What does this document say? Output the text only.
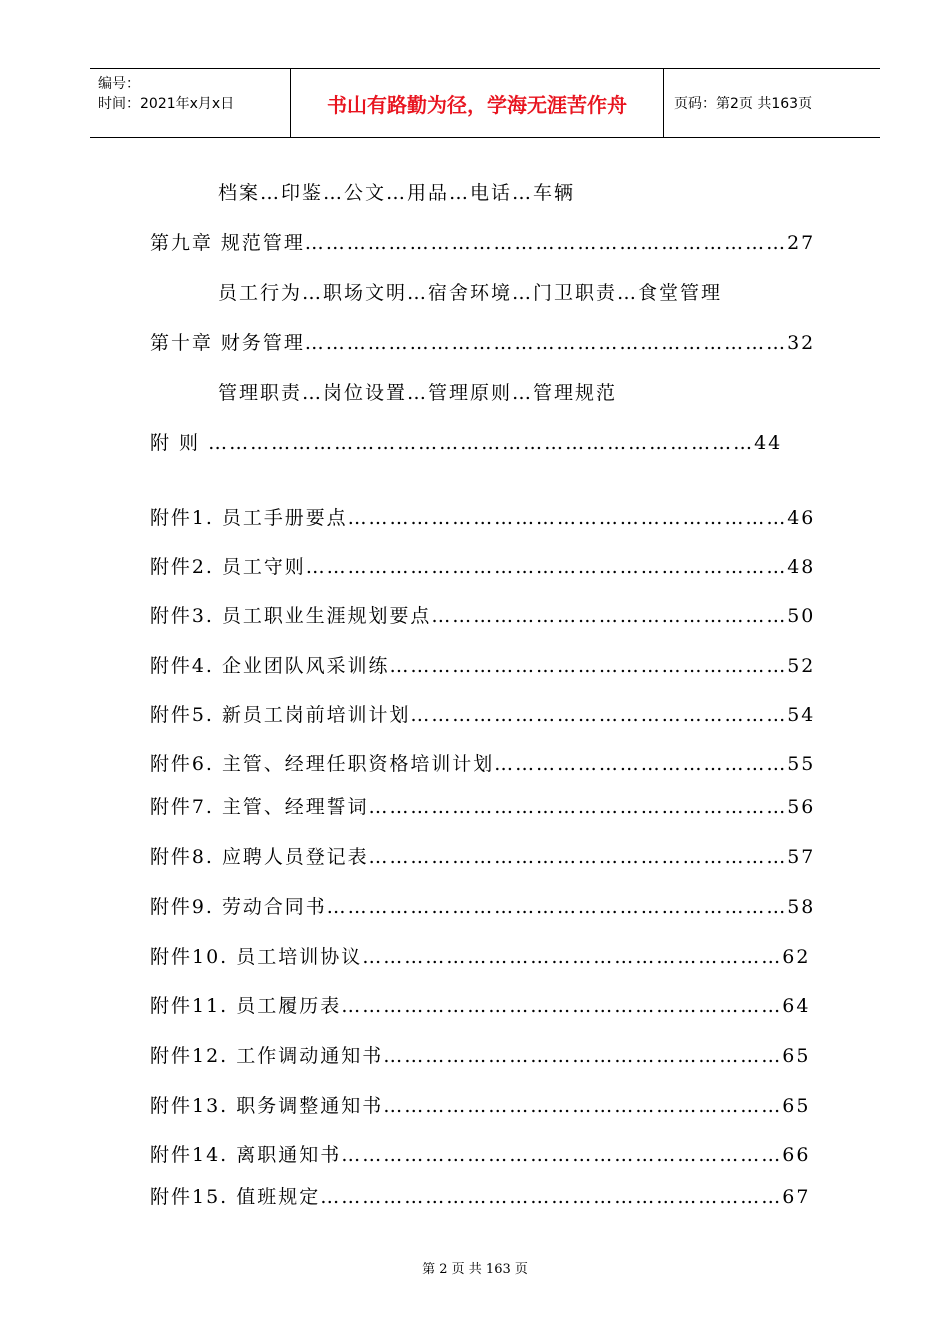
编号：
时间：2021年x月x日	书山有路勤为径，学海无涯苦作舟	页码：第2页 共163页
档案…印鉴…公文…用品…电话…车辆
第九章 规范管理……………………………………………………………27
员工行为…职场文明…宿舍环境…门卫职责…食堂管理
第十章 财务管理……………………………………………………………32
管理职责…岗位设置…管理原则…管理规范
附 则 ……………………………………………………………………44
附件1. 员工手册要点………………………………………………………46
附件2. 员工守则……………………………………………………………48
附件3. 员工职业生涯规划要点……………………………………………50
附件4. 企业团队风采训练…………………………………………………52
附件5. 新员工岗前培训计划………………………………………………54
附件6. 主管、经理任职资格培训计划……………………………………55
附件7. 主管、经理誓词……………………………………………………56
附件8. 应聘人员登记表……………………………………………………57
附件9. 劳动合同书…………………………………………………………58
附件10. 员工培训协议……………………………………………………62
附件11. 员工履历表………………………………………………………64
附件12. 工作调动通知书…………………………………………………65
附件13. 职务调整通知书…………………………………………………65
附件14. 离职通知书………………………………………………………66
附件15. 值班规定…………………………………………………………67
第 2 页 共 163 页
